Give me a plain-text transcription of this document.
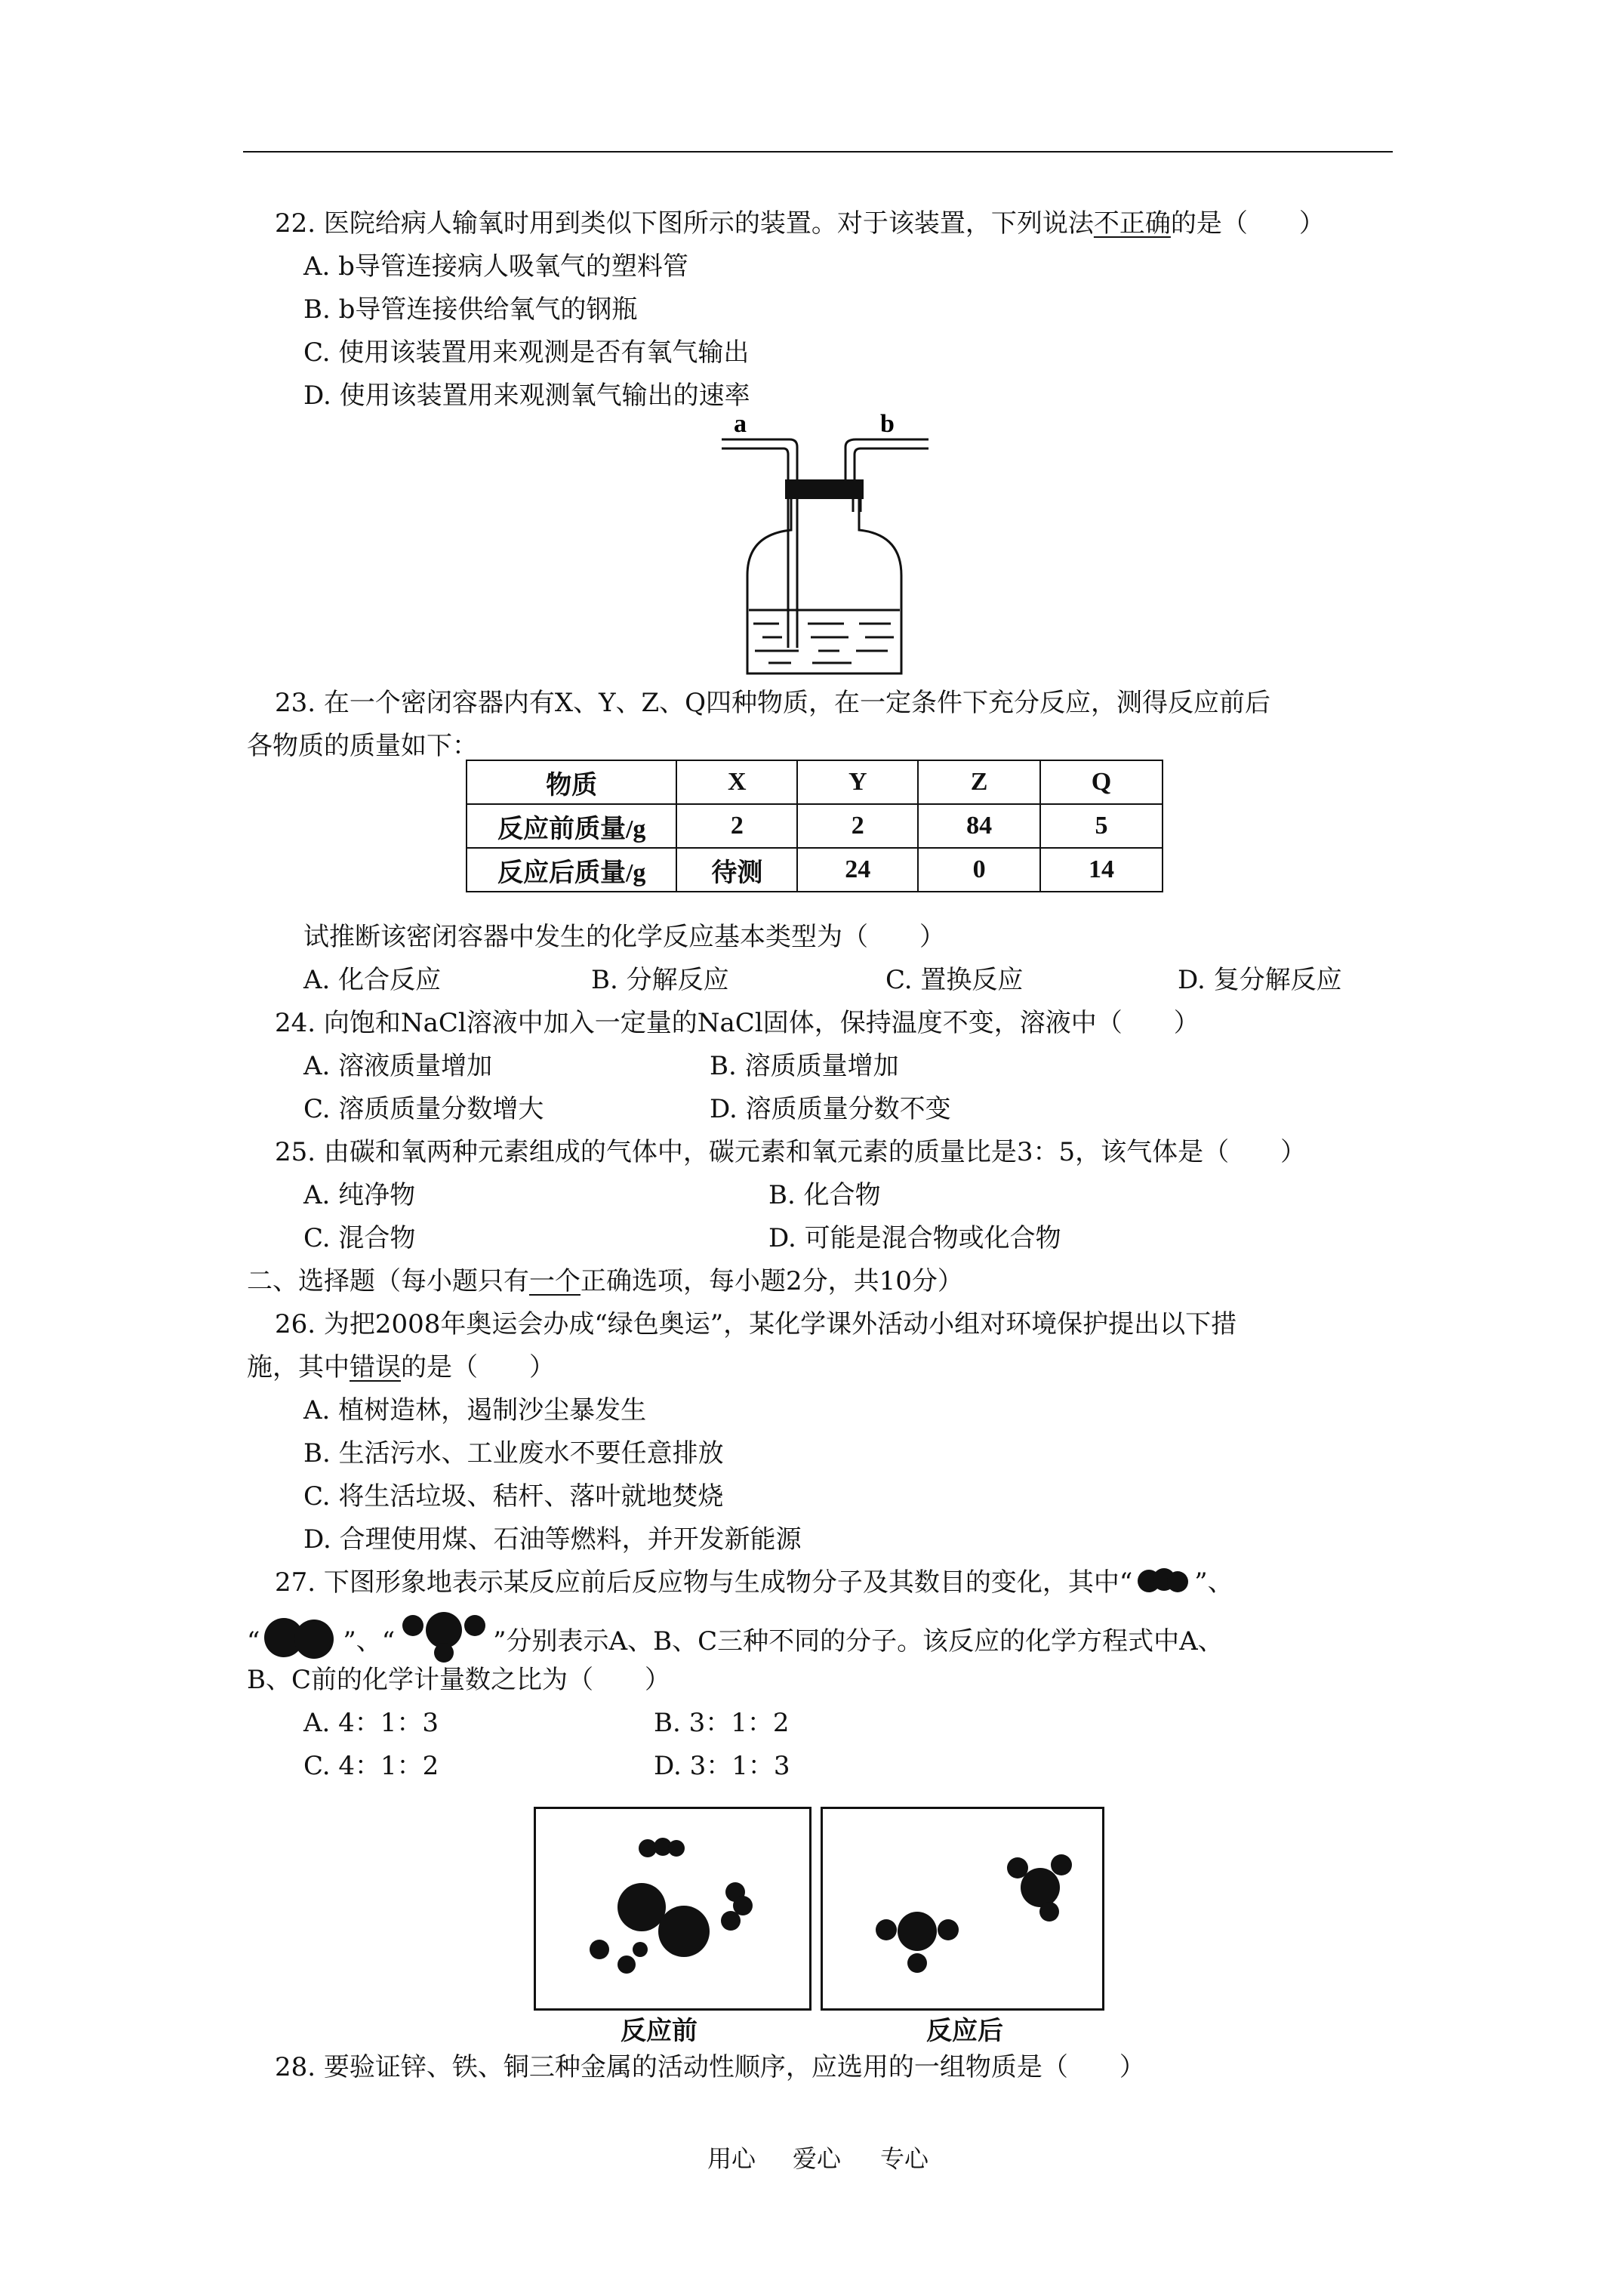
22. 医院给病人输氧时用到类似下图所示的装置。对于该装置，下列说法不正确的是（　　）
A. b导管连接病人吸氧气的塑料管
B. b导管连接供给氧气的钢瓶
C. 使用该装置用来观测是否有氧气输出
D. 使用该装置用来观测氧气输出的速率
a	b
23. 在一个密闭容器内有X、Y、Z、Q四种物质，在一定条件下充分反应，测得反应前后
各物质的质量如下：
物质	X	Y	Z	Q
反应前质量/g	2	2	84	5
反应后质量/g	待测	24	0	14
试推断该密闭容器中发生的化学反应基本类型为（　　）
A. 化合反应	B. 分解反应	C. 置换反应	D. 复分解反应
24. 向饱和NaCl溶液中加入一定量的NaCl固体，保持温度不变，溶液中（　　）
A. 溶液质量增加	B. 溶质质量增加
C. 溶质质量分数增大	D. 溶质质量分数不变
25. 由碳和氧两种元素组成的气体中，碳元素和氧元素的质量比是3：5，该气体是（　　）
A. 纯净物	B. 化合物
C. 混合物	D. 可能是混合物或化合物
二、选择题（每小题只有一个正确选项，每小题2分，共10分）
26. 为把2008年奥运会办成“绿色奥运”，某化学课外活动小组对环境保护提出以下措
施，其中错误的是（　　）
A. 植树造林，遏制沙尘暴发生
B. 生活污水、工业废水不要任意排放
C. 将生活垃圾、秸杆、落叶就地焚烧
D. 合理使用煤、石油等燃料，并开发新能源
27. 下图形象地表示某反应前后反应物与生成物分子及其数目的变化，其中“ ”、
“	”、“	”分别表示A、B、C三种不同的分子。该反应的化学方程式中A、
B、C前的化学计量数之比为（　　）
A. 4：1：3	B. 3：1：2
C. 4：1：2	D. 3：1：3
反应前	反应后
28. 要验证锌、铁、铜三种金属的活动性顺序，应选用的一组物质是（　　）
用心 爱心 专心
